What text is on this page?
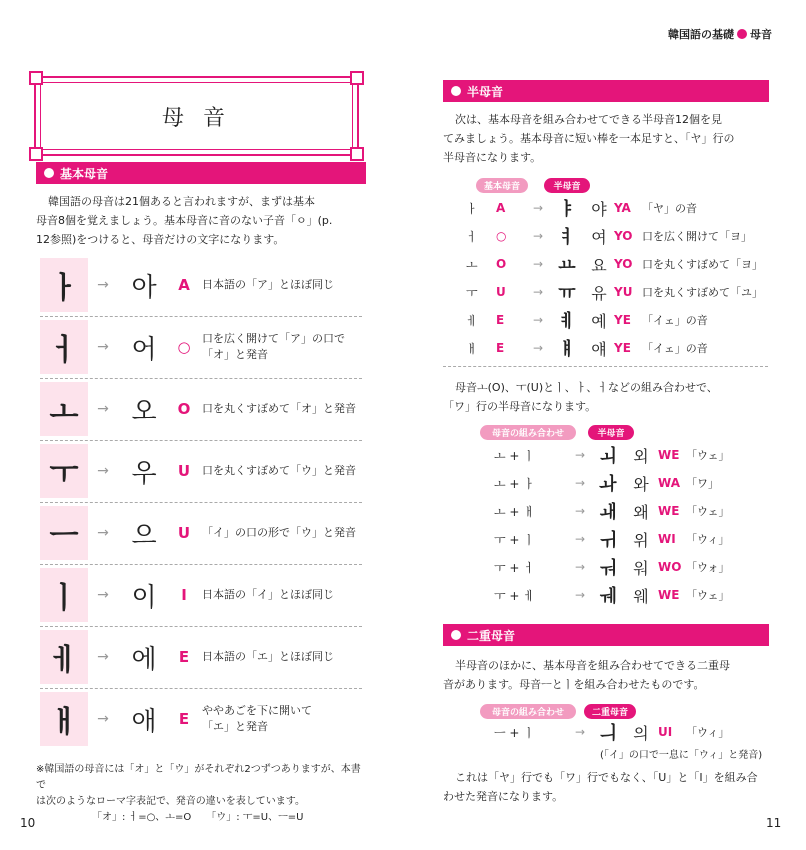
母 音
基本母音
韓国語の母音は21個あると言われますが、まずは基本
母音8個を覚えましょう。基本母音に音のない子音「ㅇ」(p.
12参照)をつけると、母音だけの文字になります。
ㅏ	→ 아	A	日本語の「ア」とほぼ同じ
ㅓ	→ 어	○	口を広く開けて「ア」の口で
「オ」と発音
ㅗ	→ 오	O	口を丸くすぼめて「オ」と発音
ㅜ	→ 우	U	口を丸くすぼめて「ウ」と発音
ㅡ	→ 으	U	「イ」の口の形で「ウ」と発音
ㅣ	→ 이	I	日本語の「イ」とほぼ同じ
ㅔ	→ 에	E	日本語の「エ」とほぼ同じ
ㅐ	→ 애	E	ややあごを下に開いて
「エ」と発音
※韓国語の母音には「オ」と「ウ」がそれぞれ2つずつありますが、本書で
は次のようなローマ字表記で、発音の違いを表しています。
「オ」: ㅓ=○、ㅗ=O　　「ウ」: ㅜ=U、ㅡ=U
10
韓国語の基礎 母音
半母音
次は、基本母音を組み合わせてできる半母音12個を見
てみましょう。基本母音に短い棒を一本足すと、「ヤ」行の
半母音になります。
基本母音	半母音
ㅏ	A	→ ㅑ 야 YA	「ヤ」の音
ㅓ	○	→ ㅕ 여 YO 口を広く開けて「ヨ」
ㅗ	O	→ ㅛ 요 YO 口を丸くすぼめて「ヨ」
ㅜ	U	→ ㅠ 유 YU 口を丸くすぼめて「ユ」
ㅔ	E	→ ㅖ 예 YE	「イェ」の音
ㅐ	E	→ ㅒ 얘 YE	「イェ」の音
母音ㅗ(O)、ㅜ(U)とㅣ、ㅏ、ㅓなどの組み合わせで、
「ワ」行の半母音になります。
母音の組み合わせ	半母音
ㅗ + ㅣ	→ ㅚ	외 WE 「ウェ」
ㅗ + ㅏ	→ ㅘ	와 WA 「ワ」
ㅗ + ㅐ	→ ㅙ	왜 WE 「ウェ」
ㅜ + ㅣ	→ ㅟ	위 WI 「ウィ」
ㅜ + ㅓ	→ ㅝ	워 WO 「ウォ」
ㅜ + ㅔ	→ ㅞ	웨 WE 「ウェ」
二重母音
半母音のほかに、基本母音を組み合わせてできる二重母
音があります。母音ㅡとㅣを組み合わせたものです。
母音の組み合わせ	二重母音
ㅡ + ㅣ	→ ㅢ	의 UI	「ウィ」
(「イ」の口で一息に「ウィ」と発音)
これは「ヤ」行でも「ワ」行でもなく、「U」と「I」を組み合
わせた発音になります。
11
